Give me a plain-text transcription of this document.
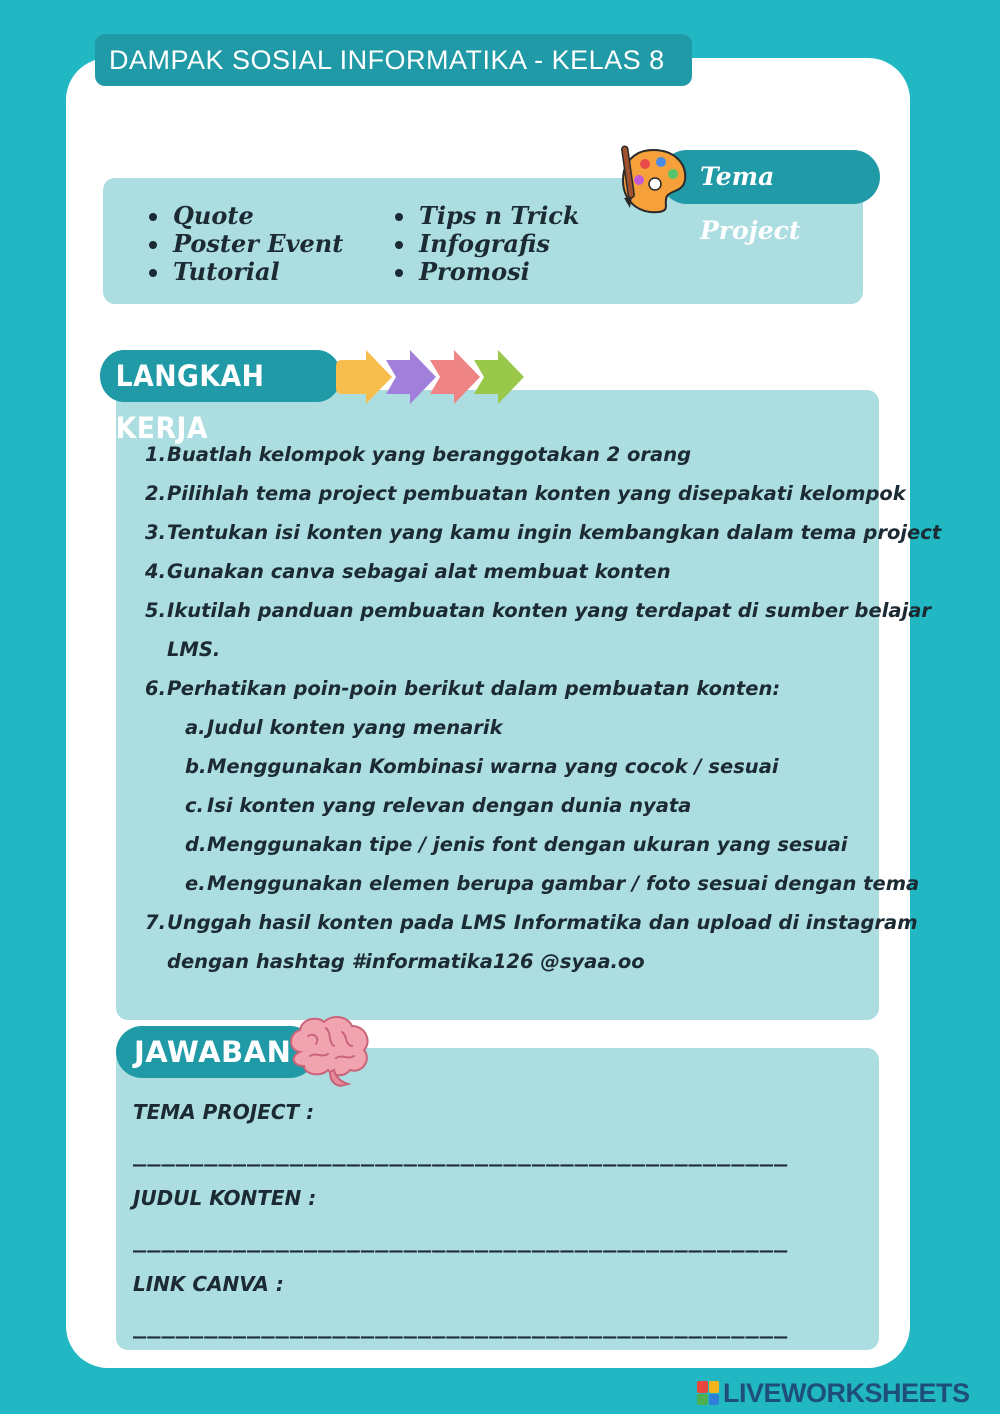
DAMPAK SOSIAL INFORMATIKA - KELAS 8
Tema Project
Quote
Poster Event
Tutorial
Tips n Trick
Infografis
Promosi
LANGKAH KERJA
1. Buatlah kelompok yang beranggotakan 2 orang
2. Pilihlah tema project pembuatan konten yang disepakati kelompok
3. Tentukan isi konten yang kamu ingin kembangkan dalam tema project
4. Gunakan canva sebagai alat membuat konten
5. Ikutilah panduan pembuatan konten yang terdapat di sumber belajar
LMS.
6. Perhatikan poin-poin berikut dalam pembuatan konten:
a. Judul konten yang menarik
b. Menggunakan Kombinasi warna yang cocok / sesuai
c. Isi konten yang relevan dengan dunia nyata
d. Menggunakan tipe / jenis font dengan ukuran yang sesuai
e. Menggunakan elemen berupa gambar / foto sesuai dengan tema
7. Unggah hasil konten pada LMS Informatika dan upload di instagram
dengan hashtag #informatika126 @syaa.oo
JAWABAN
TEMA PROJECT :
______________________________________________
JUDUL KONTEN :
______________________________________________
LINK CANVA :
______________________________________________
LIVEWORKSHEETS
